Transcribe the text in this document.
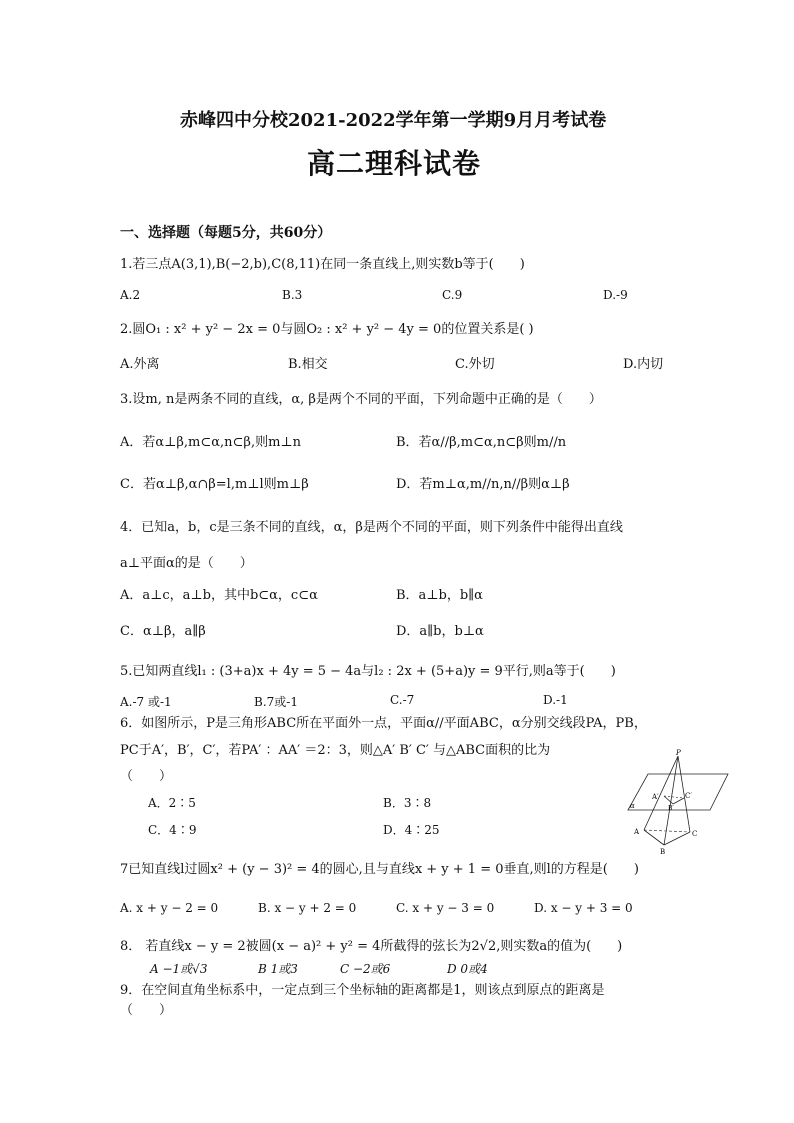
赤峰四中分校2021-2022学年第一学期9月月考试卷
高二理科试卷
一、选择题（每题5分，共60分）
1.若三点A(3,1),B(−2,b),C(8,11)在同一条直线上,则实数b等于(　　)
A.2	B.3	C.9	D.-9
2.圆O₁ : x² + y² − 2x = 0与圆O₂ : x² + y² − 4y = 0的位置关系是( )
A.外离	B.相交	C.外切	D.内切
3.设m, n是两条不同的直线，α, β是两个不同的平面，下列命题中正确的是（　　）
A．若α⊥β,m⊂α,n⊂β,则m⊥n	B．若α//β,m⊂α,n⊂β则m//n
C．若α⊥β,α∩β=l,m⊥l则m⊥β	D．若m⊥α,m//n,n//β则α⊥β
4．已知a，b，c是三条不同的直线，α，β是两个不同的平面，则下列条件中能得出直线
a⊥平面α的是（　　）
A．a⊥c，a⊥b，其中b⊂α，c⊂α	B．a⊥b，b∥α
C．α⊥β，a∥β	D．a∥b，b⊥α
5.已知两直线l₁ : (3+a)x + 4y = 5 − 4a与l₂ : 2x + (5+a)y = 9平行,则a等于(　　)
A.-7 或-1	B.7或-1	C.-7	D.-1
6．如图所示，P是三角形ABC所在平面外一点，平面α//平面ABC，α分别交线段PA，PB，
PC于A′，B′，C′，若PA′ ：AA′ ＝2：3，则△A′ B′ C′ 与△ABC面积的比为
（　　）
A．2∶5	B．3∶8
C．4∶9	D．4∶25
P
A′
B′
C′
A
B
C
α
7已知直线l过圆x² + (y − 3)² = 4的圆心,且与直线x + y + 1 = 0垂直,则l的方程是(　　)
A. x + y − 2 = 0	B. x − y + 2 = 0	C. x + y − 3 = 0	D. x − y + 3 = 0
8． 若直线x − y = 2被圆(x − a)² + y² = 4所截得的弦长为2√2,则实数a的值为(　　)
A −1或√3	B 1或3	C −2或6	D 0或4
9．在空间直角坐标系中，一定点到三个坐标轴的距离都是1，则该点到原点的距离是
（　　）
